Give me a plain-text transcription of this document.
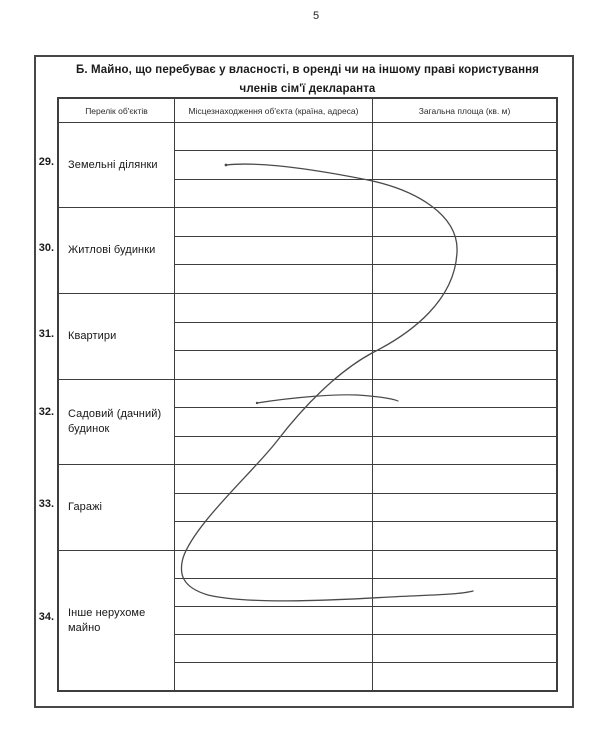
5
Б. Майно, що перебуває у власності, в оренді чи на іншому праві користування
членів сім'ї декларанта
29.
30.
31.
32.
33.
34.
Перелік об'єктів	Місцезнаходження об'єкта (країна, адреса)	Загальна площа (кв. м)
Земельні ділянки
Житлові будинки
Квартири
Садовий (дачний) будинок
Гаражі
Інше нерухоме майно
